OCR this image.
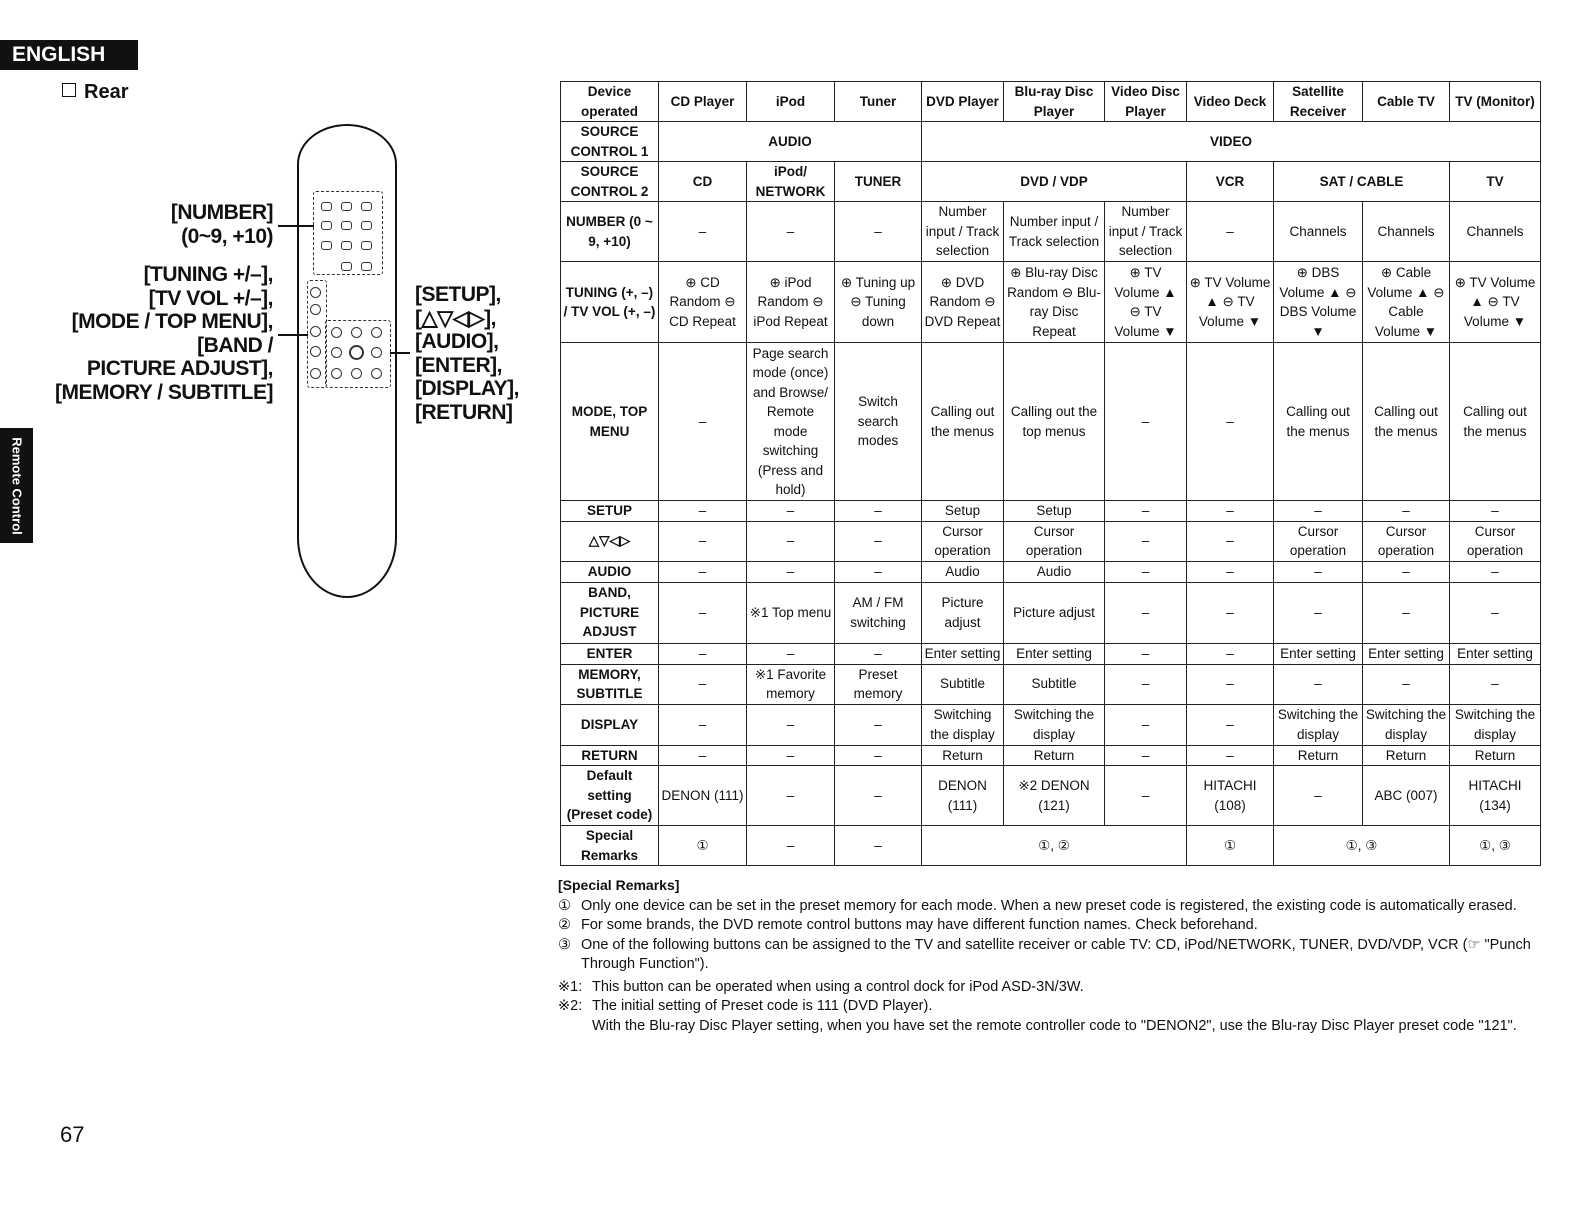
ENGLISH
Remote Control
Rear
[NUMBER]
(0~9, +10)
[TUNING +/–],
[TV VOL +/–],
[MODE / TOP MENU],
[BAND /
PICTURE ADJUST],
[MEMORY / SUBTITLE]
[SETUP],
[△▽◁▷],
[AUDIO],
[ENTER],
[DISPLAY],
[RETURN]
Device operated	CD Player	iPod	Tuner	DVD Player	Blu-ray Disc Player	Video Disc Player	Video Deck	Satellite Receiver	Cable TV	TV (Monitor)
SOURCE CONTROL 1	AUDIO			VIDEO						
SOURCE CONTROL 2	CD	iPod/ NETWORK	TUNER	DVD / VDP			VCR	SAT / CABLE		TV
NUMBER (0 ~ 9, +10)	–	–	–	Number input / Track selection	Number input / Track selection	Number input / Track selection	–	Channels	Channels	Channels
TUNING (+, –) / TV VOL (+, –)	⊕ CD Random ⊖ CD Repeat	⊕ iPod Random ⊖ iPod Repeat	⊕ Tuning up ⊖ Tuning down	⊕ DVD Random ⊖ DVD Repeat	⊕ Blu-ray Disc Random ⊖ Blu-ray Disc Repeat	⊕ TV Volume ▲ ⊖ TV Volume ▼	⊕ TV Volume ▲ ⊖ TV Volume ▼	⊕ DBS Volume ▲ ⊖ DBS Volume ▼	⊕ Cable Volume ▲ ⊖ Cable Volume ▼	⊕ TV Volume ▲ ⊖ TV Volume ▼
MODE, TOP MENU	–	Page search mode (once) and Browse/ Remote mode switching (Press and hold)	Switch search modes	Calling out the menus	Calling out the top menus	–	–	Calling out the menus	Calling out the menus	Calling out the menus
SETUP	–	–	–	Setup	Setup	–	–	–	–	–
△▽◁▷	–	–	–	Cursor operation	Cursor operation	–	–	Cursor operation	Cursor operation	Cursor operation
AUDIO	–	–	–	Audio	Audio	–	–	–	–	–
BAND, PICTURE ADJUST	–	※1 Top menu	AM / FM switching	Picture adjust	Picture adjust	–	–	–	–	–
ENTER	–	–	–	Enter setting	Enter setting	–	–	Enter setting	Enter setting	Enter setting
MEMORY, SUBTITLE	–	※1 Favorite memory	Preset memory	Subtitle	Subtitle	–	–	–	–	–
DISPLAY	–	–	–	Switching the display	Switching the display	–	–	Switching the display	Switching the display	Switching the display
RETURN	–	–	–	Return	Return	–	–	Return	Return	Return
Default setting (Preset code)	DENON (111)	–	–	DENON (111)	※2 DENON (121)	–	HITACHI (108)	–	ABC (007)	HITACHI (134)
Special Remarks	①	–	–	①, ②			①	①, ③		①, ③
[Special Remarks]
① Only one device can be set in the preset memory for each mode. When a new preset code is registered, the existing code is automatically erased.
② For some brands, the DVD remote control buttons may have different function names. Check beforehand.
③ One of the following buttons can be assigned to the TV and satellite receiver or cable TV: CD, iPod/NETWORK, TUNER, DVD/VDP, VCR (☞ "Punch Through Function").
※1: This button can be operated when using a control dock for iPod ASD-3N/3W.
※2: The initial setting of Preset code is 111 (DVD Player).
With the Blu-ray Disc Player setting, when you have set the remote controller code to "DENON2", use the Blu-ray Disc Player preset code "121".
67
